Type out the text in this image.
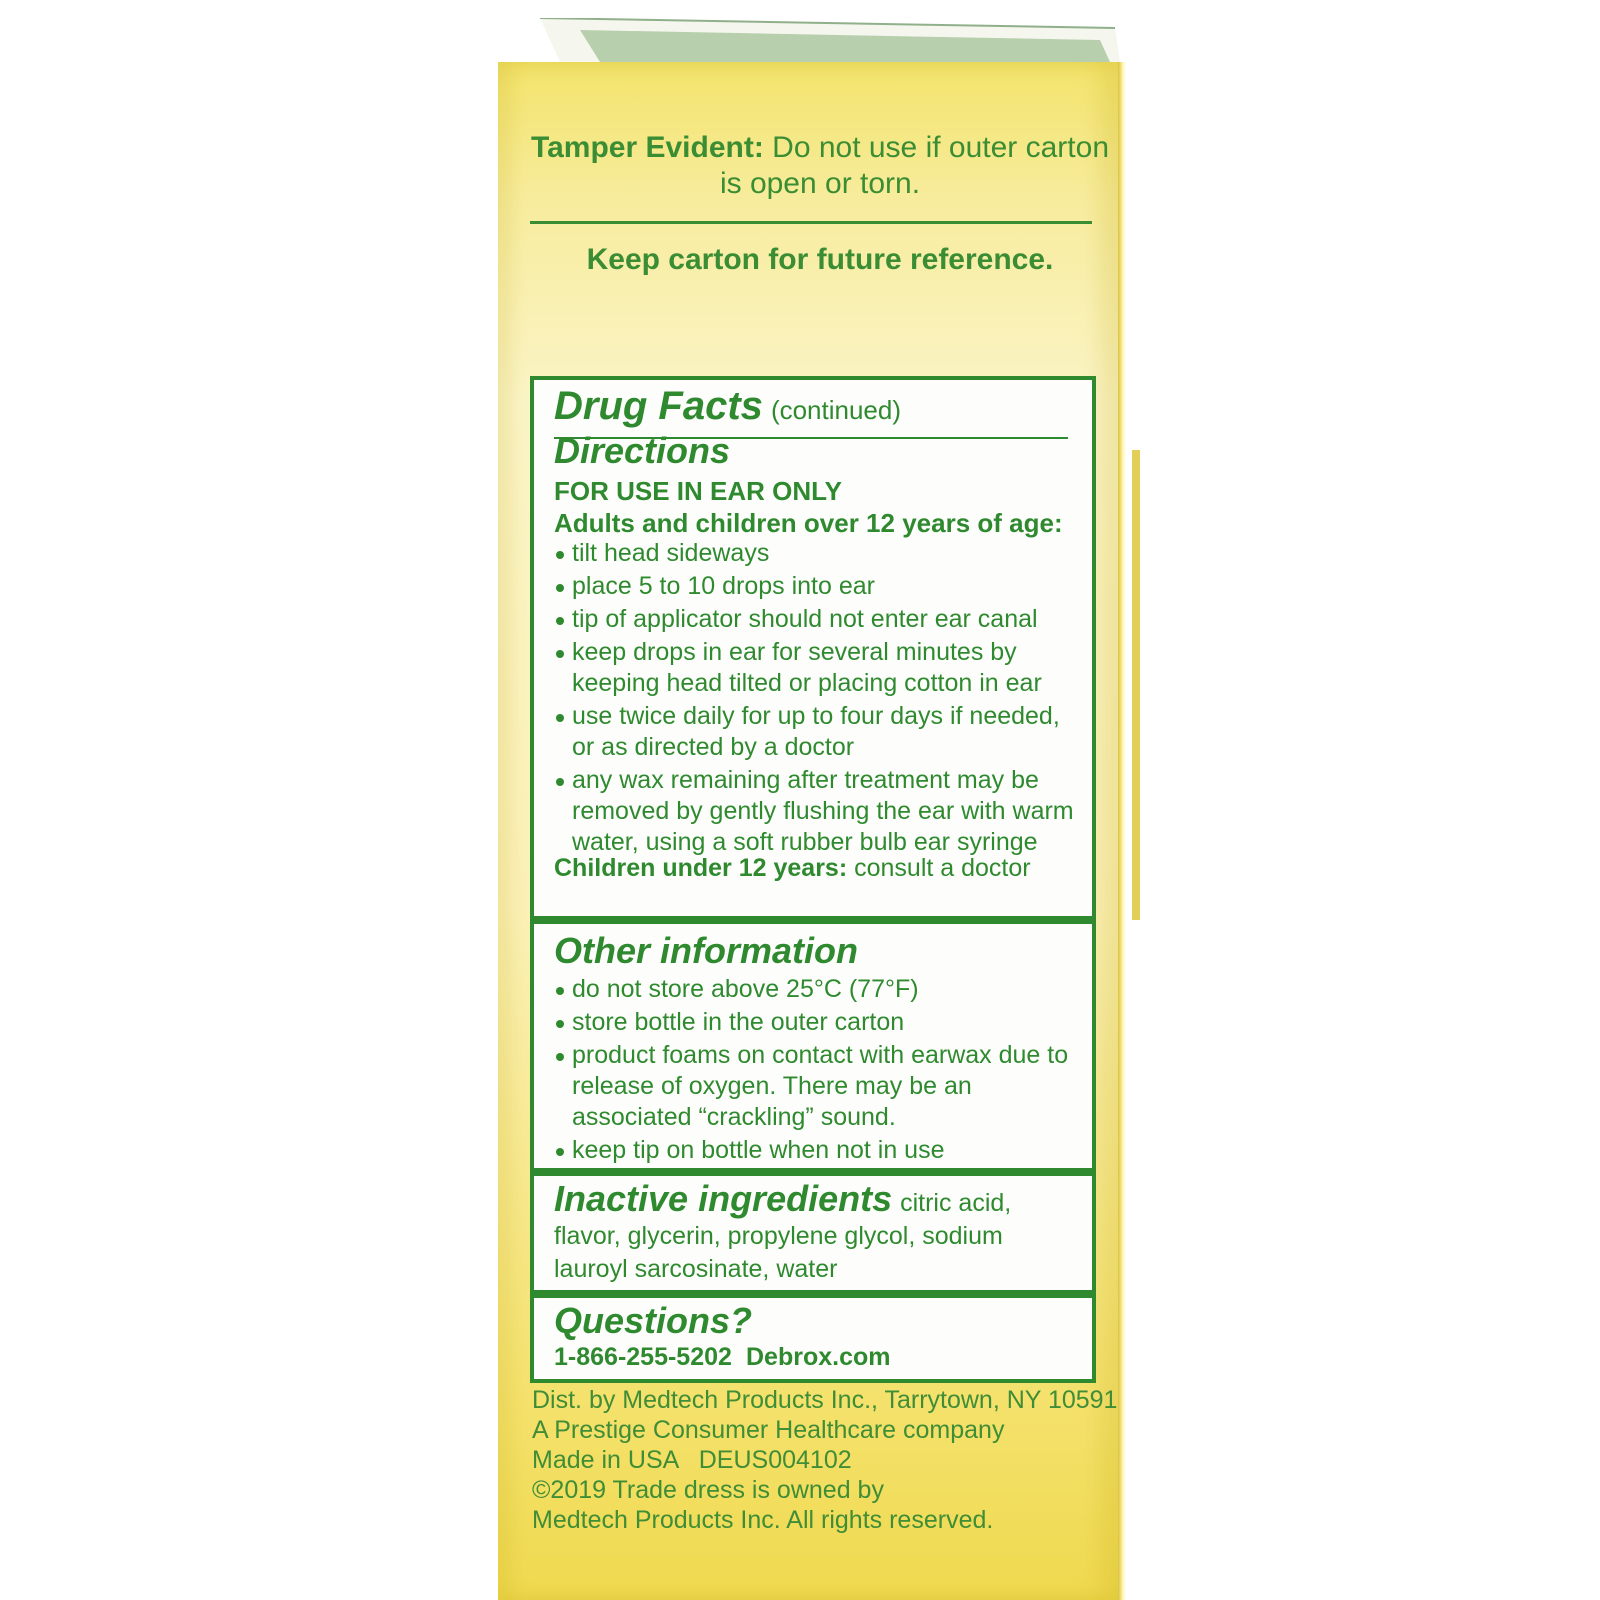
Tamper Evident: Do not use if outer carton is open or torn.
Keep carton for future reference.
Drug Facts (continued)
Directions
FOR USE IN EAR ONLY
Adults and children over 12 years of age:
tilt head sideways
place 5 to 10 drops into ear
tip of applicator should not enter ear canal
keep drops in ear for several minutes by keeping head tilted or placing cotton in ear
use twice daily for up to four days if needed, or as directed by a doctor
any wax remaining after treatment may be removed by gently flushing the ear with warm water, using a soft rubber bulb ear syringe
Children under 12 years: consult a doctor
Other information
do not store above 25°C (77°F)
store bottle in the outer carton
product foams on contact with earwax due to release of oxygen. There may be an associated “crackling” sound.
keep tip on bottle when not in use
Inactive ingredients citric acid, flavor, glycerin, propylene glycol, sodium lauroyl sarcosinate, water
Questions?
1-866-255-5202 Debrox.com
Dist. by Medtech Products Inc., Tarrytown, NY 10591
A Prestige Consumer Healthcare company
Made in USA   DEUS004102
©2019 Trade dress is owned by
Medtech Products Inc. All rights reserved.
